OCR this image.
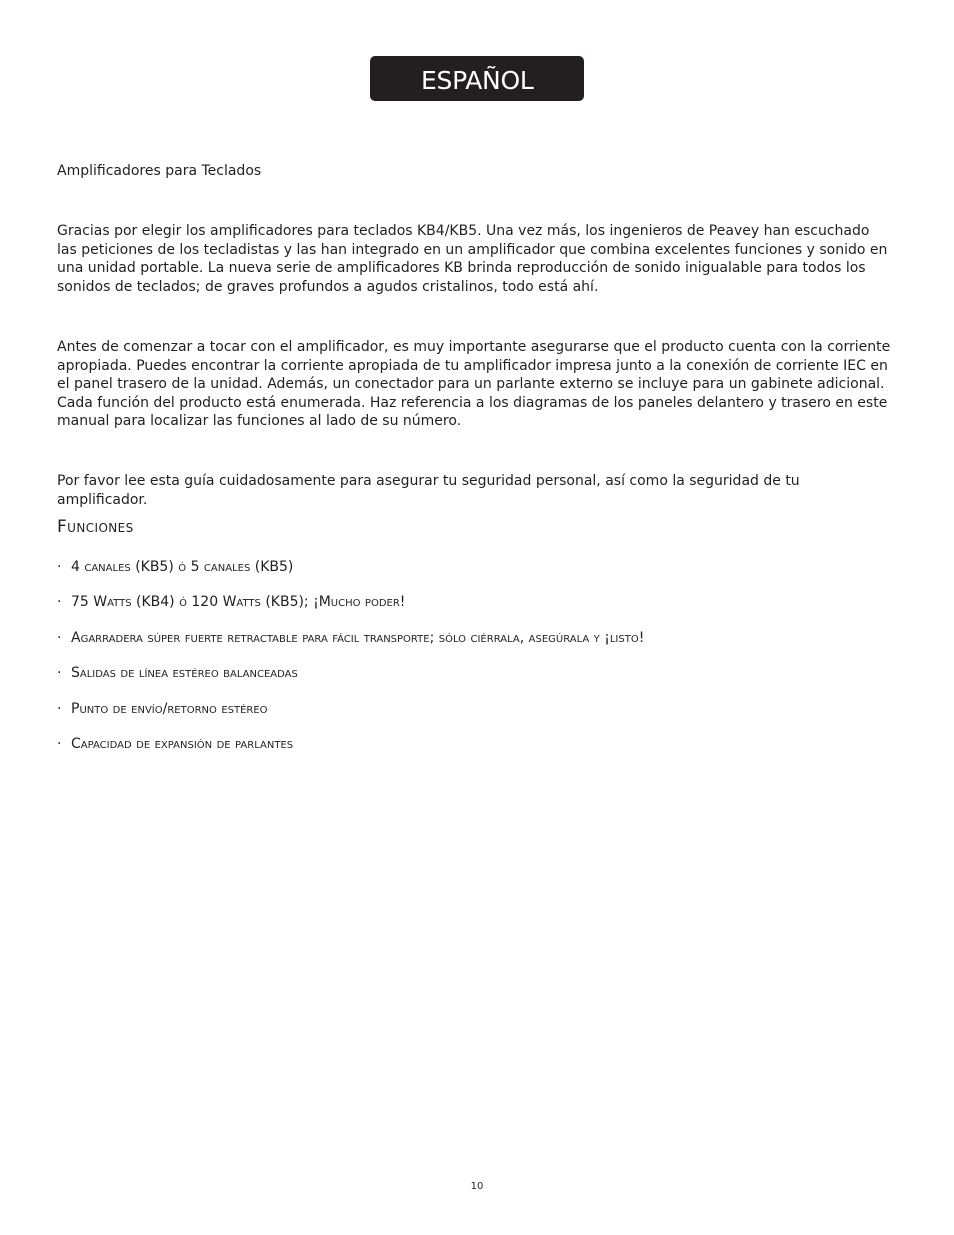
ESPAÑOL

Amplificadores para Teclados

Gracias por elegir los amplificadores para teclados KB4/KB5. Una vez más, los ingenieros de Peavey han escuchado las peticiones de los tecladistas y las han integrado en un amplificador que combina excelentes funciones y sonido en una unidad portable. La nueva serie de amplificadores KB brinda reproducción de sonido inigualable para todos los sonidos de teclados; de graves profundos a agudos cristalinos, todo está ahí.

Antes de comenzar a tocar con el amplificador, es muy importante asegurarse que el producto cuenta con la corriente apropiada. Puedes encontrar la corriente apropiada de tu amplificador impresa junto a la conexión de corriente IEC en el panel trasero de la unidad. Además, un conectador para un parlante externo se incluye para un gabinete adicional. Cada función del producto está enumerada. Haz referencia a los diagramas de los paneles delantero y trasero en este manual para localizar las funciones al lado de su número.

Por favor lee esta guía cuidadosamente para asegurar tu seguridad personal, así como la seguridad de tu amplificador.

Funciones
· 4 canales (KB5) ó 5 canales (KB5)
· 75 Watts (KB4) ó 120 Watts (KB5); ¡Mucho poder!
· Agarradera súper fuerte retractable para fácil transporte; sólo ciérrala, asegúrala y ¡listo!
· Salidas de línea estéreo balanceadas
· Punto de envío/retorno estéreo
· Capacidad de expansión de parlantes
10
